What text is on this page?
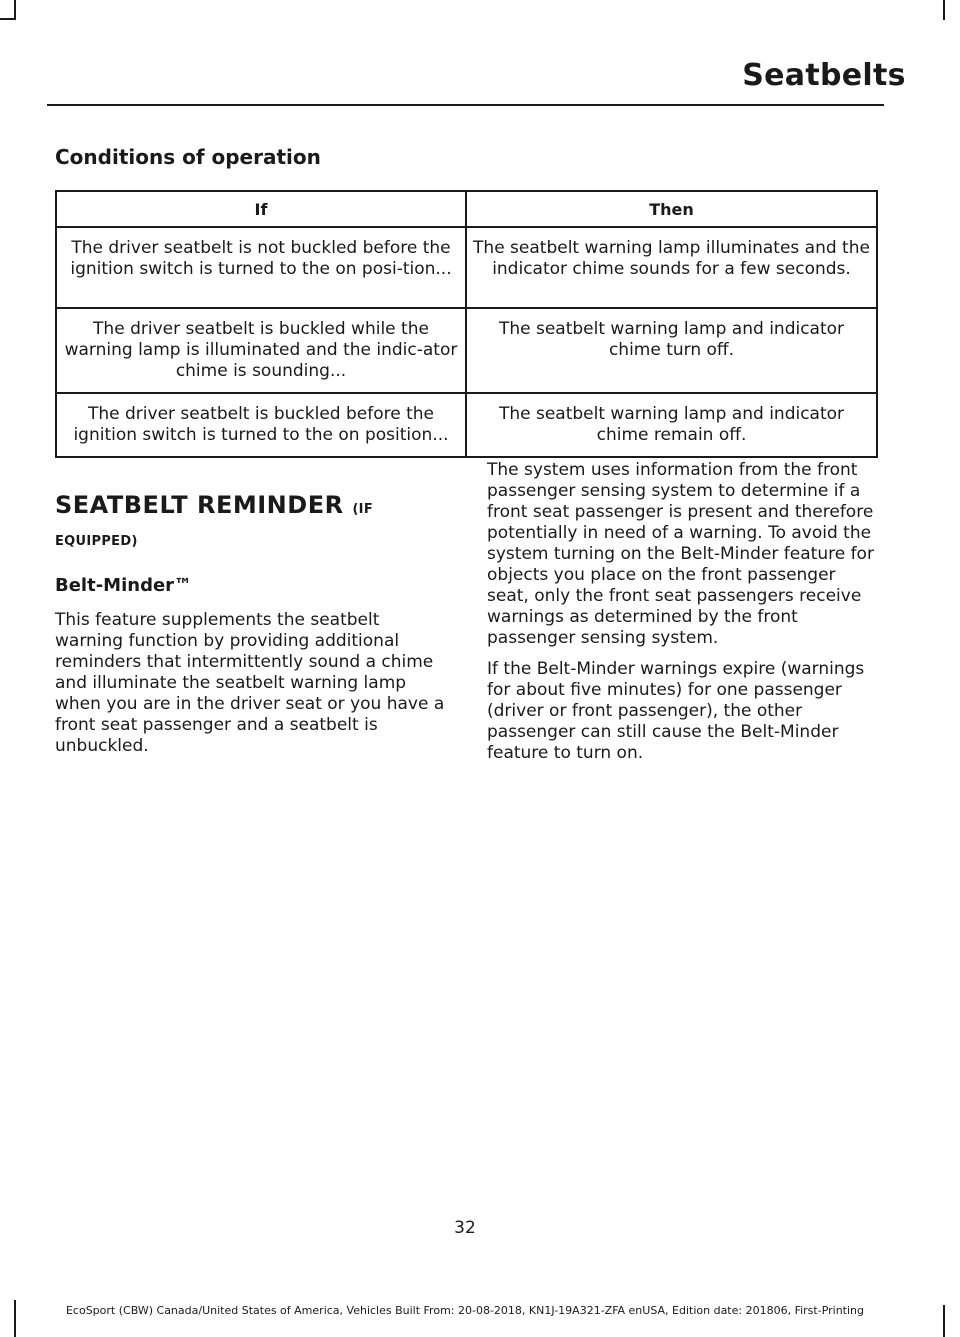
Seatbelts
Conditions of operation
If	Then
The driver seatbelt is not buckled before the ignition switch is turned to the on posi-tion...	The seatbelt warning lamp illuminates and the indicator chime sounds for a few seconds.
The driver seatbelt is buckled while the warning lamp is illuminated and the indic-ator chime is sounding...	The seatbelt warning lamp and indicator chime turn off.
The driver seatbelt is buckled before the ignition switch is turned to the on position...	The seatbelt warning lamp and indicator chime remain off.
SEATBELT REMINDER (IF
EQUIPPED)
Belt-Minder™

This feature supplements the seatbelt warning function by providing additional reminders that intermittently sound a chime and illuminate the seatbelt warning lamp when you are in the driver seat or you have a front seat passenger and a seatbelt is unbuckled.

The system uses information from the front passenger sensing system to determine if a front seat passenger is present and therefore potentially in need of a warning. To avoid the system turning on the Belt-Minder feature for objects you place on the front passenger seat, only the front seat passengers receive warnings as determined by the front passenger sensing system.

If the Belt-Minder warnings expire (warnings for about five minutes) for one passenger (driver or front passenger), the other passenger can still cause the Belt-Minder feature to turn on.

32
EcoSport (CBW) Canada/United States of America, Vehicles Built From: 20-08-2018, KN1J-19A321-ZFA enUSA, Edition date: 201806, First-Printing
